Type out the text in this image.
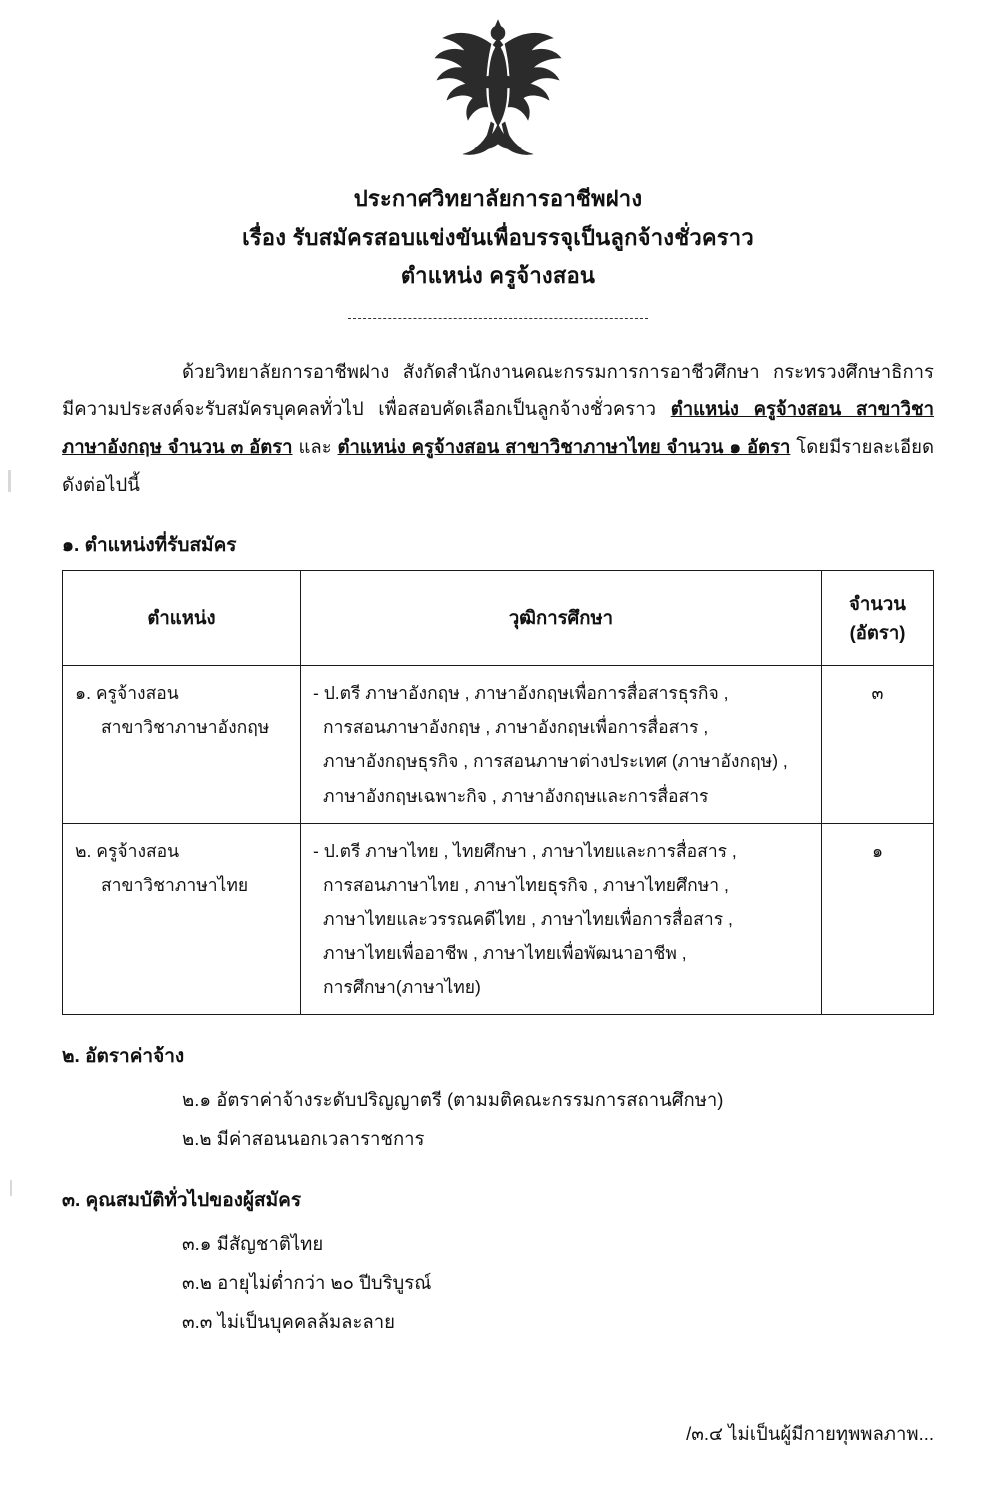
ประกาศวิทยาลัยการอาชีพฝาง
เรื่อง รับสมัครสอบแข่งขันเพื่อบรรจุเป็นลูกจ้างชั่วคราว
ตำแหน่ง ครูจ้างสอน

ด้วยวิทยาลัยการอาชีพฝาง สังกัดสำนักงานคณะกรรมการการอาชีวศึกษา กระทรวงศึกษาธิการ มีความประสงค์จะรับสมัครบุคคลทั่วไป เพื่อสอบคัดเลือกเป็นลูกจ้างชั่วคราว ตำแหน่ง ครูจ้างสอน สาขาวิชาภาษาอังกฤษ จำนวน ๓ อัตรา และ ตำแหน่ง ครูจ้างสอน สาขาวิชาภาษาไทย จำนวน ๑ อัตรา โดยมีรายละเอียดดังต่อไปนี้

๑. ตำแหน่งที่รับสมัคร
ตำแหน่ง	วุฒิการศึกษา	จำนวน
(อัตรา)

๑. ครูจ้างสอน
สาขาวิชาภาษาอังกฤษ	- ป.ตรี ภาษาอังกฤษ , ภาษาอังกฤษเพื่อการสื่อสารธุรกิจ ,
การสอนภาษาอังกฤษ , ภาษาอังกฤษเพื่อการสื่อสาร ,
ภาษาอังกฤษธุรกิจ , การสอนภาษาต่างประเทศ (ภาษาอังกฤษ) ,
ภาษาอังกฤษเฉพาะกิจ , ภาษาอังกฤษและการสื่อสาร	๓
๒. ครูจ้างสอน
สาขาวิชาภาษาไทย	- ป.ตรี ภาษาไทย , ไทยศึกษา , ภาษาไทยและการสื่อสาร ,
การสอนภาษาไทย , ภาษาไทยธุรกิจ , ภาษาไทยศึกษา ,
ภาษาไทยและวรรณคดีไทย , ภาษาไทยเพื่อการสื่อสาร ,
ภาษาไทยเพื่ออาชีพ , ภาษาไทยเพื่อพัฒนาอาชีพ ,
การศึกษา(ภาษาไทย)	๑
๒. อัตราค่าจ้าง
๒.๑ อัตราค่าจ้างระดับปริญญาตรี (ตามมติคณะกรรมการสถานศึกษา)
๒.๒ มีค่าสอนนอกเวลาราชการ
๓. คุณสมบัติทั่วไปของผู้สมัคร
๓.๑ มีสัญชาติไทย
๓.๒ อายุไม่ต่ำกว่า ๒๐ ปีบริบูรณ์
๓.๓ ไม่เป็นบุคคลล้มละลาย
/๓.๔ ไม่เป็นผู้มีกายทุพพลภาพ...
